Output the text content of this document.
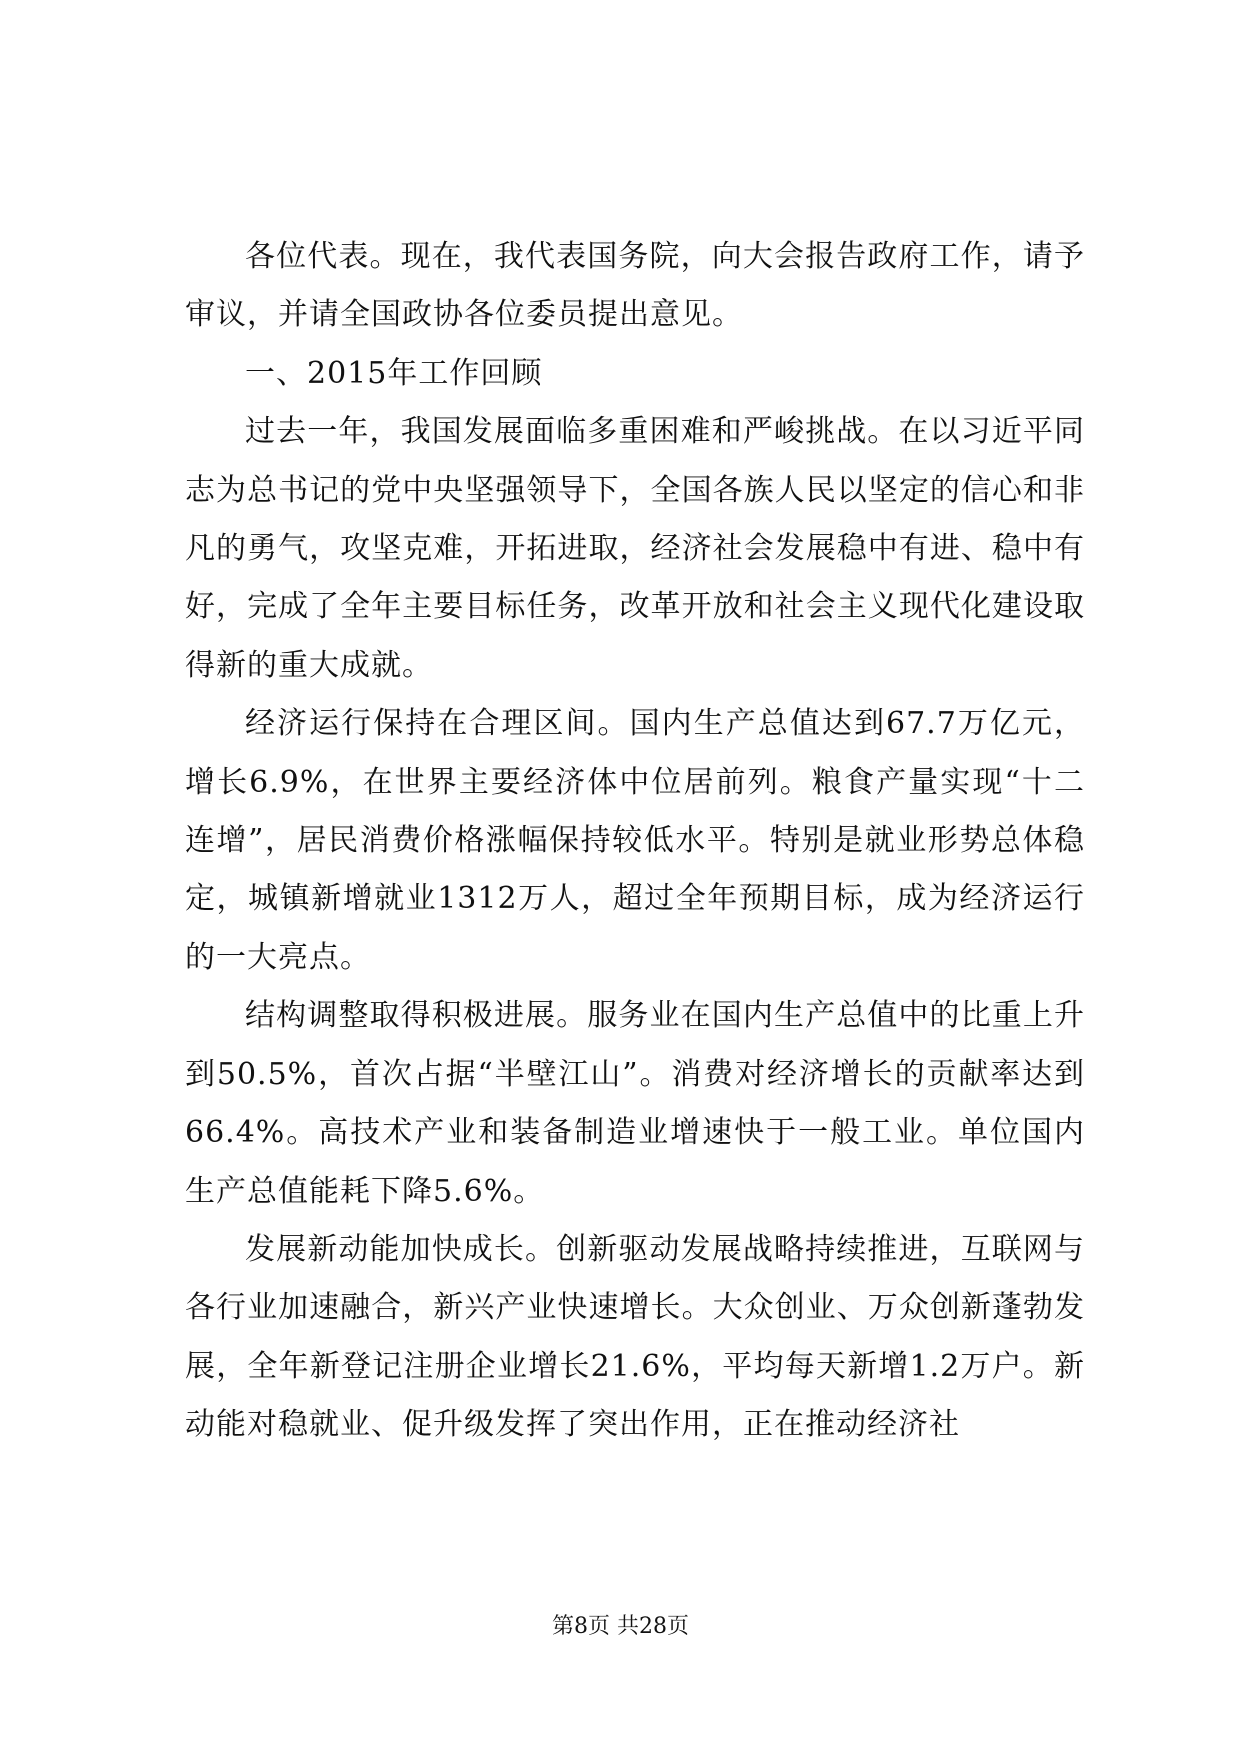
各位代表。现在，我代表国务院，向大会报告政府工作，请予审议，并请全国政协各位委员提出意见。

一、2015年工作回顾

过去一年，我国发展面临多重困难和严峻挑战。在以习近平同志为总书记的党中央坚强领导下，全国各族人民以坚定的信心和非凡的勇气，攻坚克难，开拓进取，经济社会发展稳中有进、稳中有好，完成了全年主要目标任务，改革开放和社会主义现代化建设取得新的重大成就。

经济运行保持在合理区间。国内生产总值达到67.7万亿元，增长6.9%，在世界主要经济体中位居前列。粮食产量实现“十二连增”，居民消费价格涨幅保持较低水平。特别是就业形势总体稳定，城镇新增就业1312万人，超过全年预期目标，成为经济运行的一大亮点。

结构调整取得积极进展。服务业在国内生产总值中的比重上升到50.5%，首次占据“半壁江山”。消费对经济增长的贡献率达到66.4%。高技术产业和装备制造业增速快于一般工业。单位国内生产总值能耗下降5.6%。

发展新动能加快成长。创新驱动发展战略持续推进，互联网与各行业加速融合，新兴产业快速增长。大众创业、万众创新蓬勃发展，全年新登记注册企业增长21.6%，平均每天新增1.2万户。新动能对稳就业、促升级发挥了突出作用，正在推动经济社

第8页 共28页
